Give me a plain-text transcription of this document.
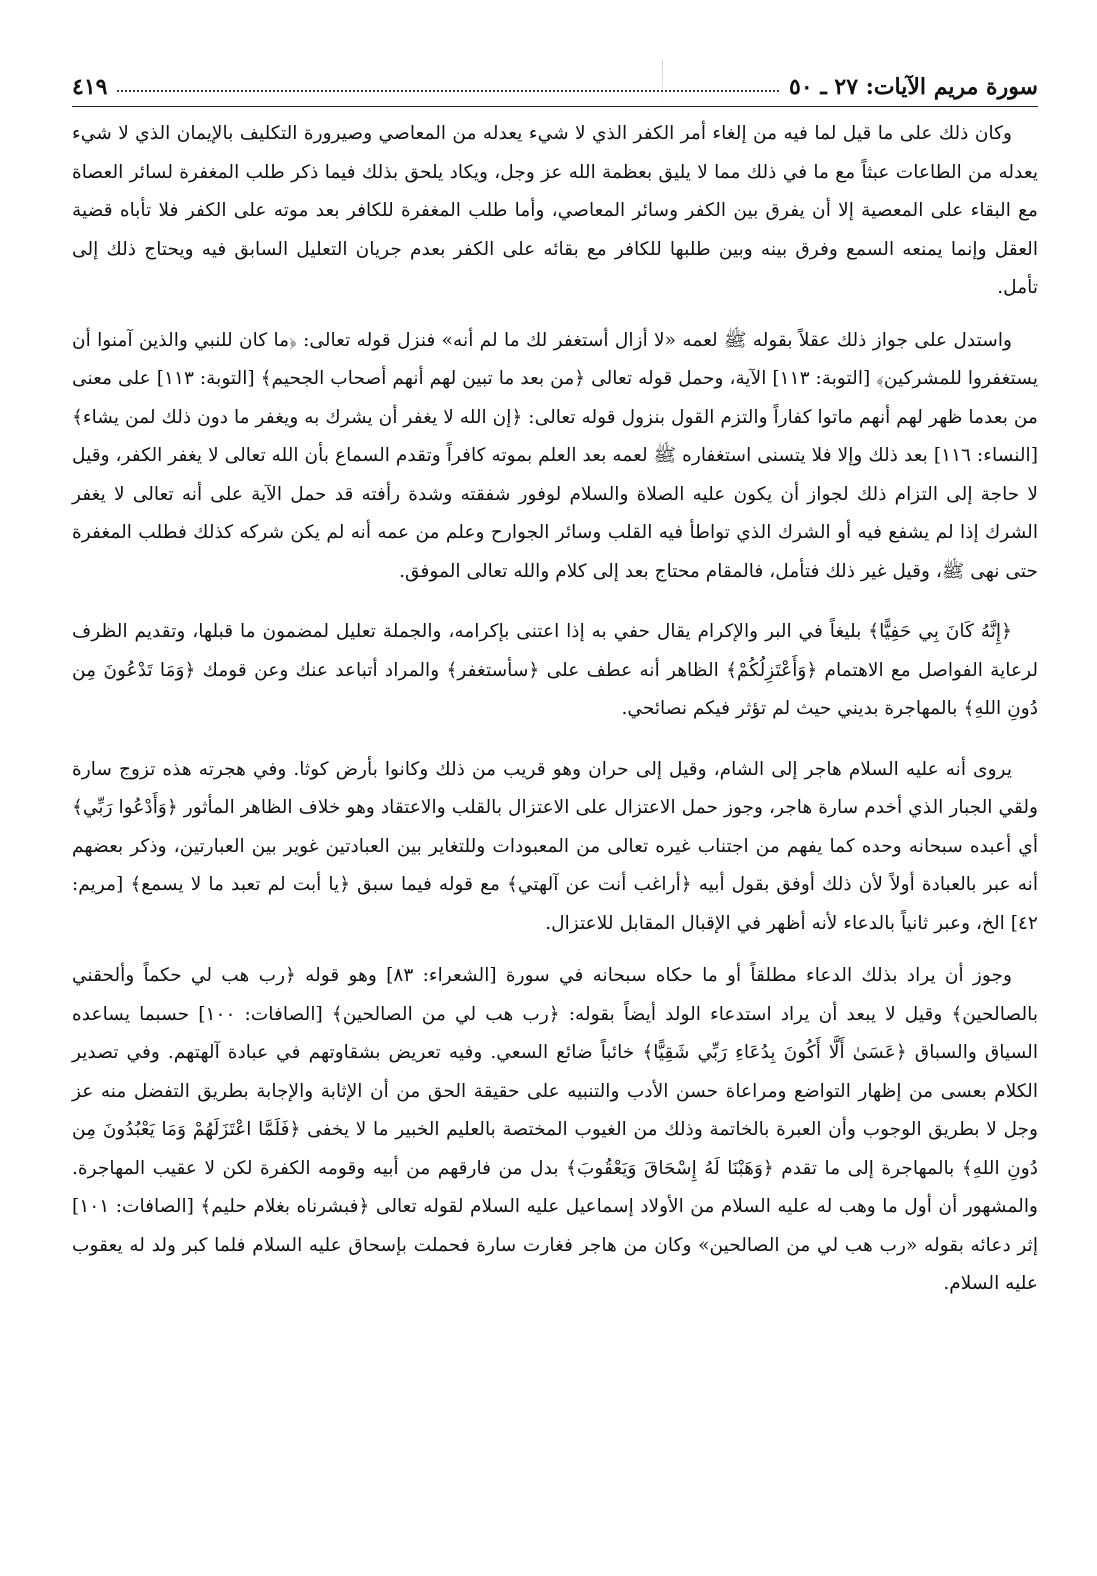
سورة مريم الآيات: ٢٧ ـ ٥٠
٤١٩

وكان ذلك على ما قيل لما فيه من إلغاء أمر الكفر الذي لا شيء يعدله من المعاصي وصيرورة التكليف بالإيمان الذي لا شيء يعدله من الطاعات عبثاً مع ما في ذلك مما لا يليق بعظمة الله عز وجل، ويكاد يلحق بذلك فيما ذكر طلب المغفرة لسائر العصاة مع البقاء على المعصية إلا أن يفرق بين الكفر وسائر المعاصي، وأما طلب المغفرة للكافر بعد موته على الكفر فلا تأباه قضية العقل وإنما يمنعه السمع وفرق بينه وبين طلبها للكافر مع بقائه على الكفر بعدم جريان التعليل السابق فيه ويحتاج ذلك إلى تأمل.

واستدل على جواز ذلك عقلاً بقوله ﷺ لعمه «لا أزال أستغفر لك ما لم أنه» فنزل قوله تعالى: ﴿ما كان للنبي والذين آمنوا أن يستغفروا للمشركين﴾ [التوبة: ١١٣] الآية، وحمل قوله تعالى ﴿من بعد ما تبين لهم أنهم أصحاب الجحيم﴾ [التوبة: ١١٣] على معنى من بعدما ظهر لهم أنهم ماتوا كفاراً والتزم القول بنزول قوله تعالى: ﴿إن الله لا يغفر أن يشرك به ويغفر ما دون ذلك لمن يشاء﴾ [النساء: ١١٦] بعد ذلك وإلا فلا يتسنى استغفاره ﷺ لعمه بعد العلم بموته كافراً وتقدم السماع بأن الله تعالى لا يغفر الكفر، وقيل لا حاجة إلى التزام ذلك لجواز أن يكون عليه الصلاة والسلام لوفور شفقته وشدة رأفته قد حمل الآية على أنه تعالى لا يغفر الشرك إذا لم يشفع فيه أو الشرك الذي تواطأ فيه القلب وسائر الجوارح وعلم من عمه أنه لم يكن شركه كذلك فطلب المغفرة حتى نهى ﷺ، وقيل غير ذلك فتأمل، فالمقام محتاج بعد إلى كلام والله تعالى الموفق.

﴿إِنَّهُ كَانَ بِي حَفِيًّا﴾ بليغاً في البر والإكرام يقال حفي به إذا اعتنى بإكرامه، والجملة تعليل لمضمون ما قبلها، وتقديم الظرف لرعاية الفواصل مع الاهتمام ﴿وَأَعْتَزِلُكُمْ﴾ الظاهر أنه عطف على ﴿سأستغفر﴾ والمراد أتباعد عنك وعن قومك ﴿وَمَا تَدْعُونَ مِن دُونِ اللهِ﴾ بالمهاجرة بديني حيث لم تؤثر فيكم نصائحي.

يروى أنه عليه السلام هاجر إلى الشام، وقيل إلى حران وهو قريب من ذلك وكانوا بأرض كوثا. وفي هجرته هذه تزوج سارة ولقي الجبار الذي أخدم سارة هاجر، وجوز حمل الاعتزال على الاعتزال بالقلب والاعتقاد وهو خلاف الظاهر المأثور ﴿وَأَدْعُوا رَبِّي﴾ أي أعبده سبحانه وحده كما يفهم من اجتناب غيره تعالى من المعبودات وللتغاير بين العبادتين غوير بين العبارتين، وذكر بعضهم أنه عبر بالعبادة أولاً لأن ذلك أوفق بقول أبيه ﴿أراغب أنت عن آلهتي﴾ مع قوله فيما سبق ﴿يا أبت لم تعبد ما لا يسمع﴾ [مريم: ٤٢] الخ، وعبر ثانياً بالدعاء لأنه أظهر في الإقبال المقابل للاعتزال.

وجوز أن يراد بذلك الدعاء مطلقاً أو ما حكاه سبحانه في سورة [الشعراء: ٨٣] وهو قوله ﴿رب هب لي حكماً وألحقني بالصالحين﴾ وقيل لا يبعد أن يراد استدعاء الولد أيضاً بقوله: ﴿رب هب لي من الصالحين﴾ [الصافات: ١٠٠] حسبما يساعده السياق والسباق ﴿عَسَىٰ أَلَّا أَكُونَ بِدُعَاءِ رَبِّي شَقِيًّا﴾ خائباً ضائع السعي. وفيه تعريض بشقاوتهم في عبادة آلهتهم. وفي تصدير الكلام بعسى من إظهار التواضع ومراعاة حسن الأدب والتنبيه على حقيقة الحق من أن الإثابة والإجابة بطريق التفضل منه عز وجل لا بطريق الوجوب وأن العبرة بالخاتمة وذلك من الغيوب المختصة بالعليم الخبير ما لا يخفى ﴿فَلَمَّا اعْتَزَلَهُمْ وَمَا يَعْبُدُونَ مِن دُونِ اللهِ﴾ بالمهاجرة إلى ما تقدم ﴿وَهَبْنَا لَهُ إِسْحَاقَ وَيَعْقُوبَ﴾ بدل من فارقهم من أبيه وقومه الكفرة لكن لا عقيب المهاجرة. والمشهور أن أول ما وهب له عليه السلام من الأولاد إسماعيل عليه السلام لقوله تعالى ﴿فبشرناه بغلام حليم﴾ [الصافات: ١٠١] إثر دعائه بقوله «رب هب لي من الصالحين» وكان من هاجر فغارت سارة فحملت بإسحاق عليه السلام فلما كبر ولد له يعقوب عليه السلام.
